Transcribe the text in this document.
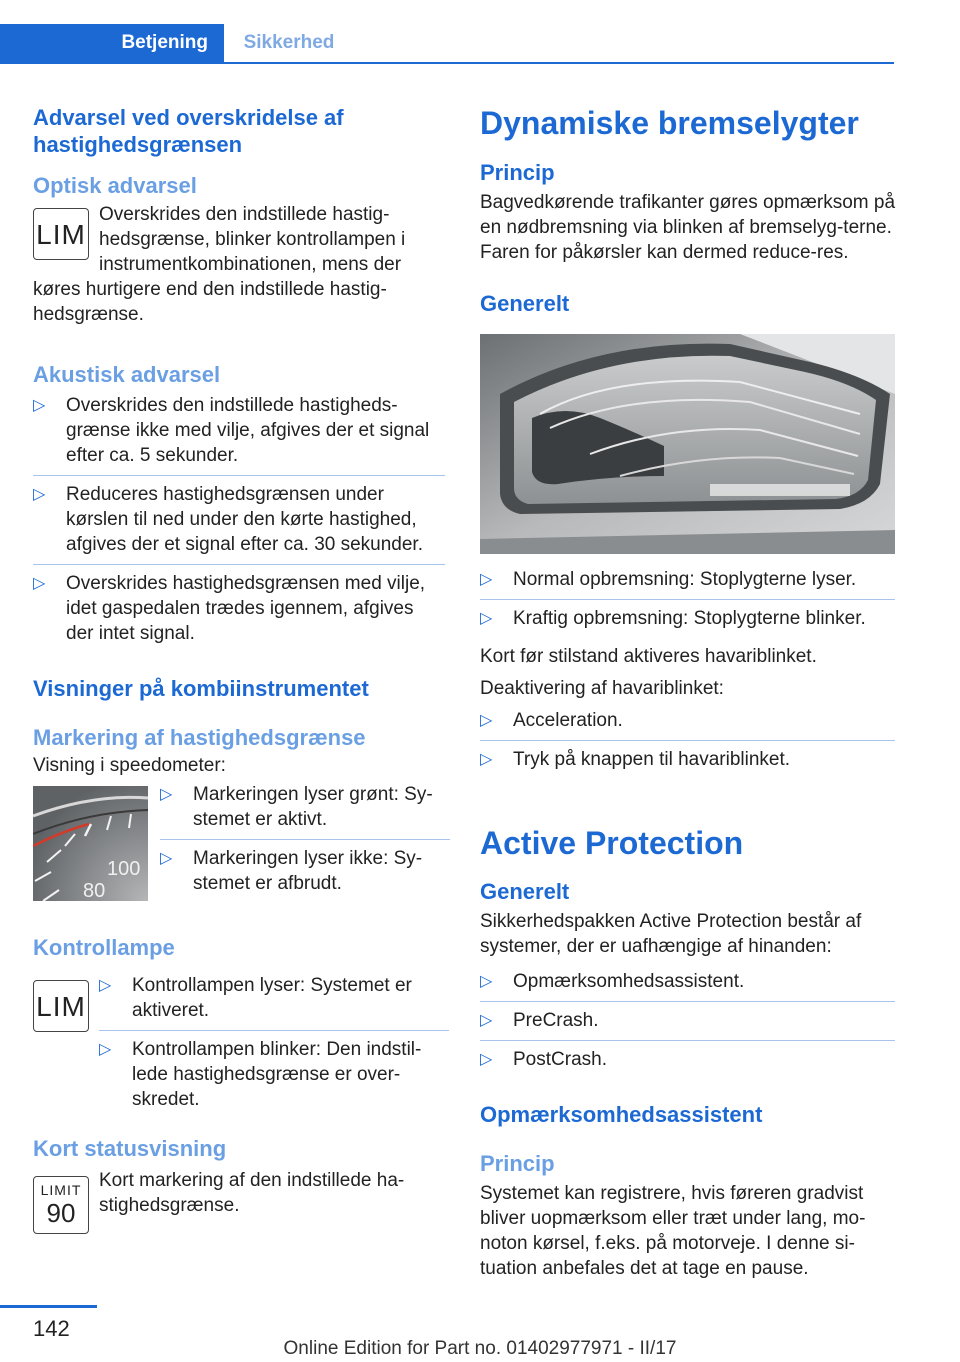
Betjening	Sikkerhed
Advarsel ved overskridelse af hastighedsgrænsen
Optisk advarsel
LIM

Overskrides den indstillede hastig-

hedsgrænse, blinker kontrollampen i

instrumentkombinationen, mens der

køres hurtigere end den indstillede hastig-

hedsgrænse.

Akustisk advarsel
▷ Overskrides den indstillede hastigheds-grænse ikke med vilje, afgives der et signal efter ca. 5 sekunder.
▷ Reduceres hastighedsgrænsen under kørslen til ned under den kørte hastighed, afgives der et signal efter ca. 30 sekunder.
▷ Overskrides hastighedsgrænsen med vilje, idet gaspedalen trædes igennem, afgives der intet signal.
Visninger på kombiinstrumentet
Markering af hastighedsgrænse

Visning i speedometer:

100
80
▷ Markeringen lyser grønt: Sy-stemet er aktivt.
▷ Markeringen lyser ikke: Sy-stemet er afbrudt.
Kontrollampe
LIM
▷ Kontrollampen lyser: Systemet er aktiveret.
▷ Kontrollampen blinker: Den indstil-lede hastighedsgrænse er over-skredet.
Kort statusvisning
LIMIT
90

Kort markering af den indstillede ha-

stighedsgrænse.

Dynamiske bremselygter
Princip

Bagvedkørende trafikanter gøres opmærksom på en nødbremsning via blinken af bremselyg-terne. Faren for påkørsler kan dermed reduce-res.

Generelt
▷ Normal opbremsning: Stoplygterne lyser.
▷ Kraftig opbremsning: Stoplygterne blinker.

Kort før stilstand aktiveres havariblinket.

Deaktivering af havariblinket:

▷ Acceleration.
▷ Tryk på knappen til havariblinket.
Active Protection
Generelt

Sikkerhedspakken Active Protection består af systemer, der er uafhængige af hinanden:

▷ Opmærksomhedsassistent.
▷ PreCrash.
▷ PostCrash.
Opmærksomhedsassistent
Princip

Systemet kan registrere, hvis føreren gradvist bliver uopmærksom eller træt under lang, mo-noton kørsel, f.eks. på motorveje. I denne si-tuation anbefales det at tage en pause.

142
Online Edition for Part no. 01402977971 - II/17
